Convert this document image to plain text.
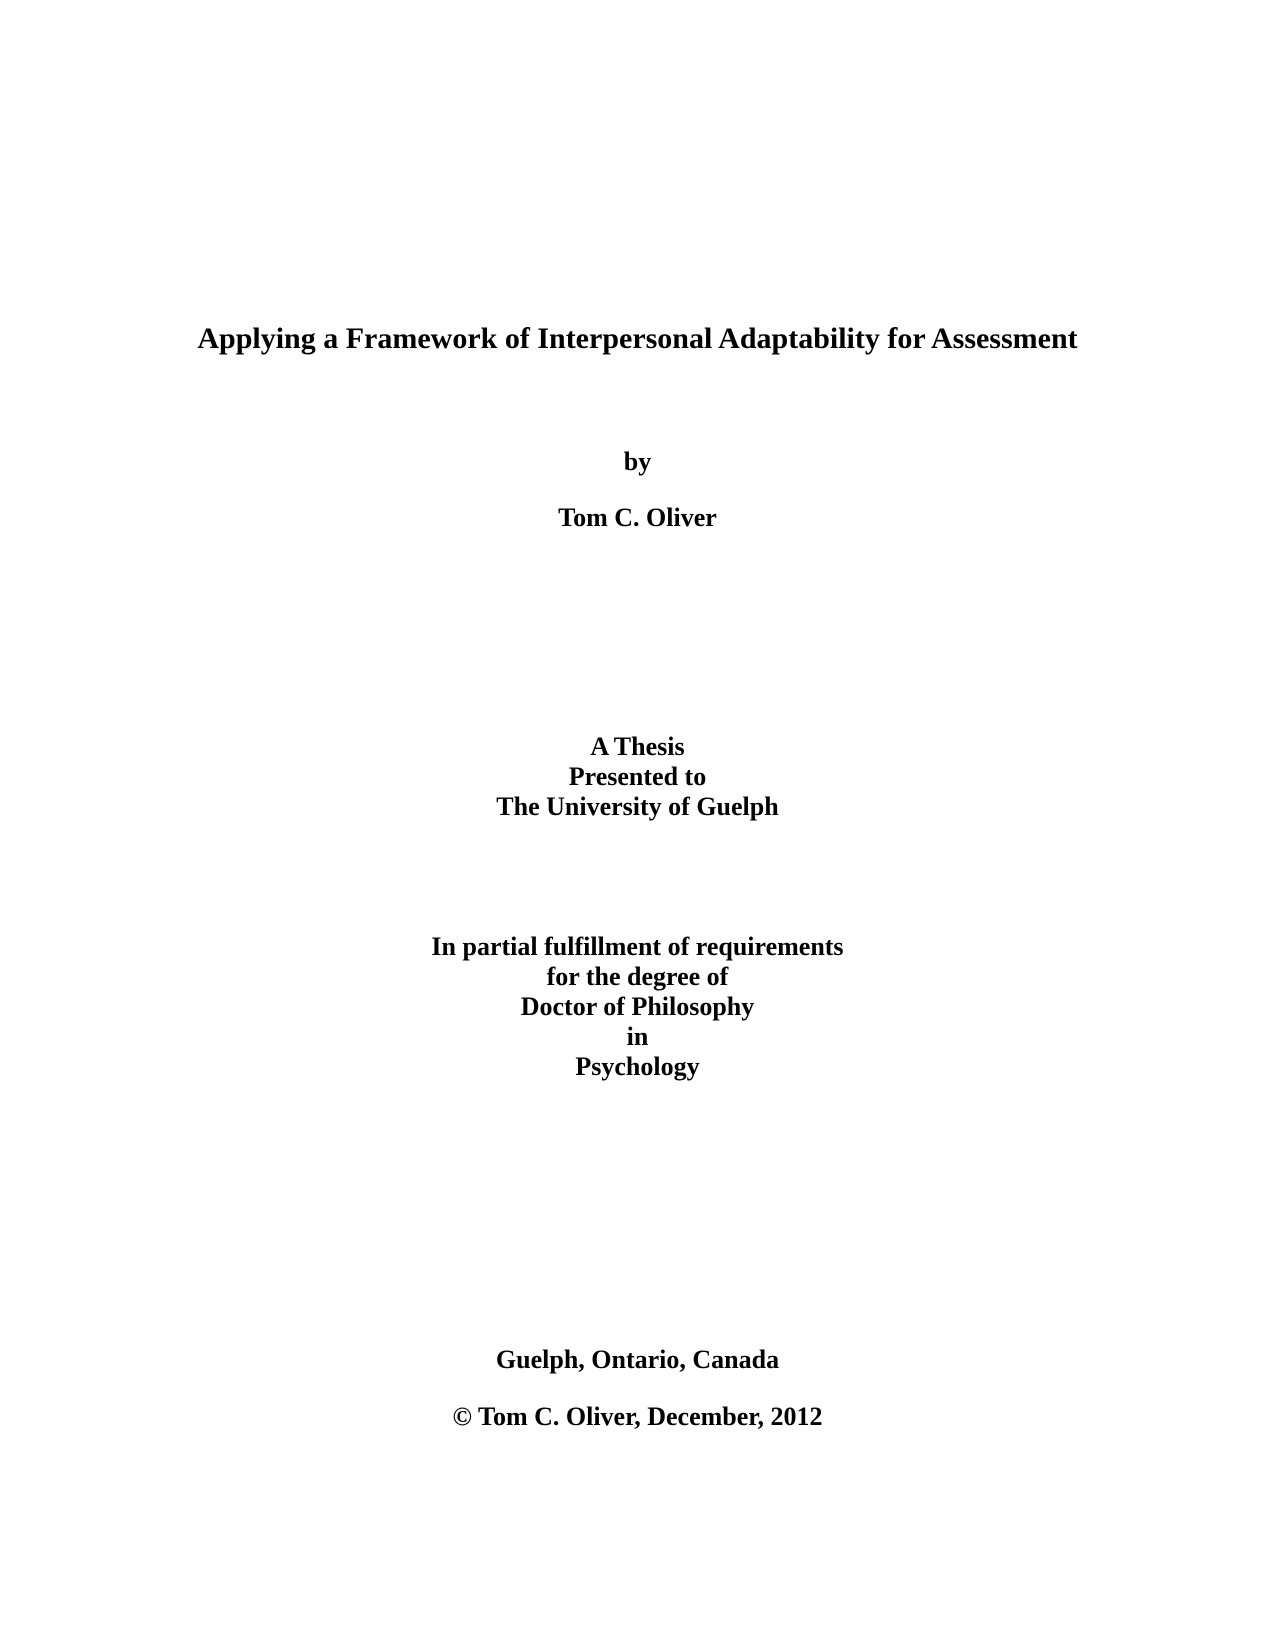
Applying a Framework of Interpersonal Adaptability for Assessment
by
Tom C. Oliver
A Thesis
Presented to
The University of Guelph
In partial fulfillment of requirements
for the degree of
Doctor of Philosophy
in
Psychology
Guelph, Ontario, Canada
© Tom C. Oliver, December, 2012
